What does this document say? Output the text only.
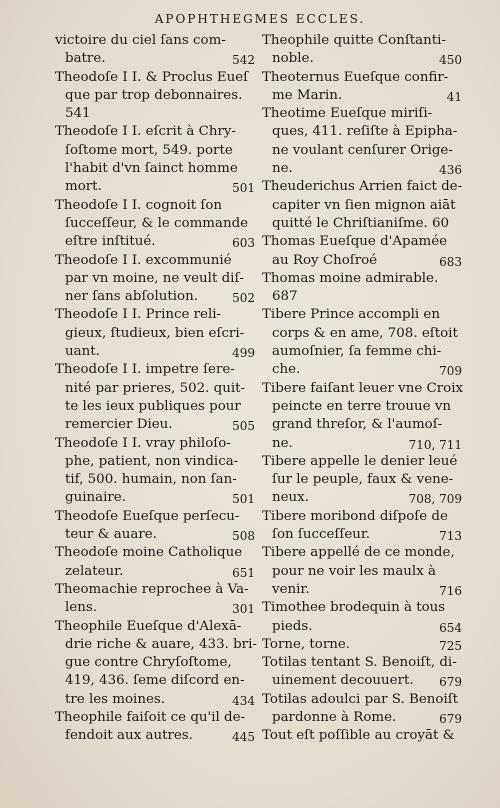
APOPHTHEGMES ECCLES.
victoire du ciel ſans com-
batre.	542
Theodoſe I I. & Proclus Eueſ
que par trop debonnaires.
541
Theodoſe I I. eſcrit à Chry-
ſoſtome mort, 549. porte
l'habit d'vn ſainct homme
mort.	501
Theodoſe I I. cognoit ſon
ſucceſſeur, & le commande
eſtre inſtitué.	603
Theodoſe I I. excommunié
par vn moine, ne veult diſ-
ner ſans abſolution.	502
Theodoſe I I. Prince reli-
gieux, ſtudieux, bien eſcri-
uant.	499
Theodoſe I I. impetre ſere-
nité par prieres, 502. quit-
te les ieux publiques pour
remercier Dieu.	505
Theodoſe I I. vray philoſo-
phe, patient, non vindica-
tif, 500. humain, non ſan-
guinaire.	501
Theodoſe Eueſque perſecu-
teur & auare.	508
Theodoſe moine Catholique
zelateur.	651
Theomachie reprochee à Va-
lens.	301
Theophile Eueſque d'Alexā-
drie riche & auare, 433. bri-
gue contre Chryſoſtome,
419, 436. ſeme diſcord en-
tre les moines.	434
Theophile faiſoit ce qu'il de-
fendoit aux autres.	445
Theophile quitte Conſtanti-
noble.	450
Theoternus Eueſque confir-
me Marin.	41
Theotime Eueſque miriſi-
ques, 411. reſiſte à Epipha-
ne voulant cenſurer Orige-
ne.	436
Theuderichus Arrien faict de-
capiter vn ſien mignon aiāt
quitté le Chriſtianiſme. 60
Thomas Eueſque d'Apamée
au Roy Choſroé	683
Thomas moine admirable.
687
Tibere Prince accompli en
corps & en ame, 708. eſtoit
aumoſnier, ſa femme chi-
che.	709
Tibere faiſant leuer vne Croix
peincte en terre trouue vn
grand threſor, & l'aumoſ-
ne.	710, 711
Tibere appelle le denier leué
ſur le peuple, faux & vene-
neux.	708, 709
Tibere moribond diſpoſe de
ſon ſucceſſeur.	713
Tibere appellé de ce monde,
pour ne voir les maulx à
venir.	716
Timothee brodequin à tous
pieds.	654
Torne, torne.	725
Totilas tentant S. Benoiſt, di-
uinement decouuert. 679
Totilas adoulci par S. Benoiſt
pardonne à Rome.	679
Tout eſt poſſible au croyāt &
